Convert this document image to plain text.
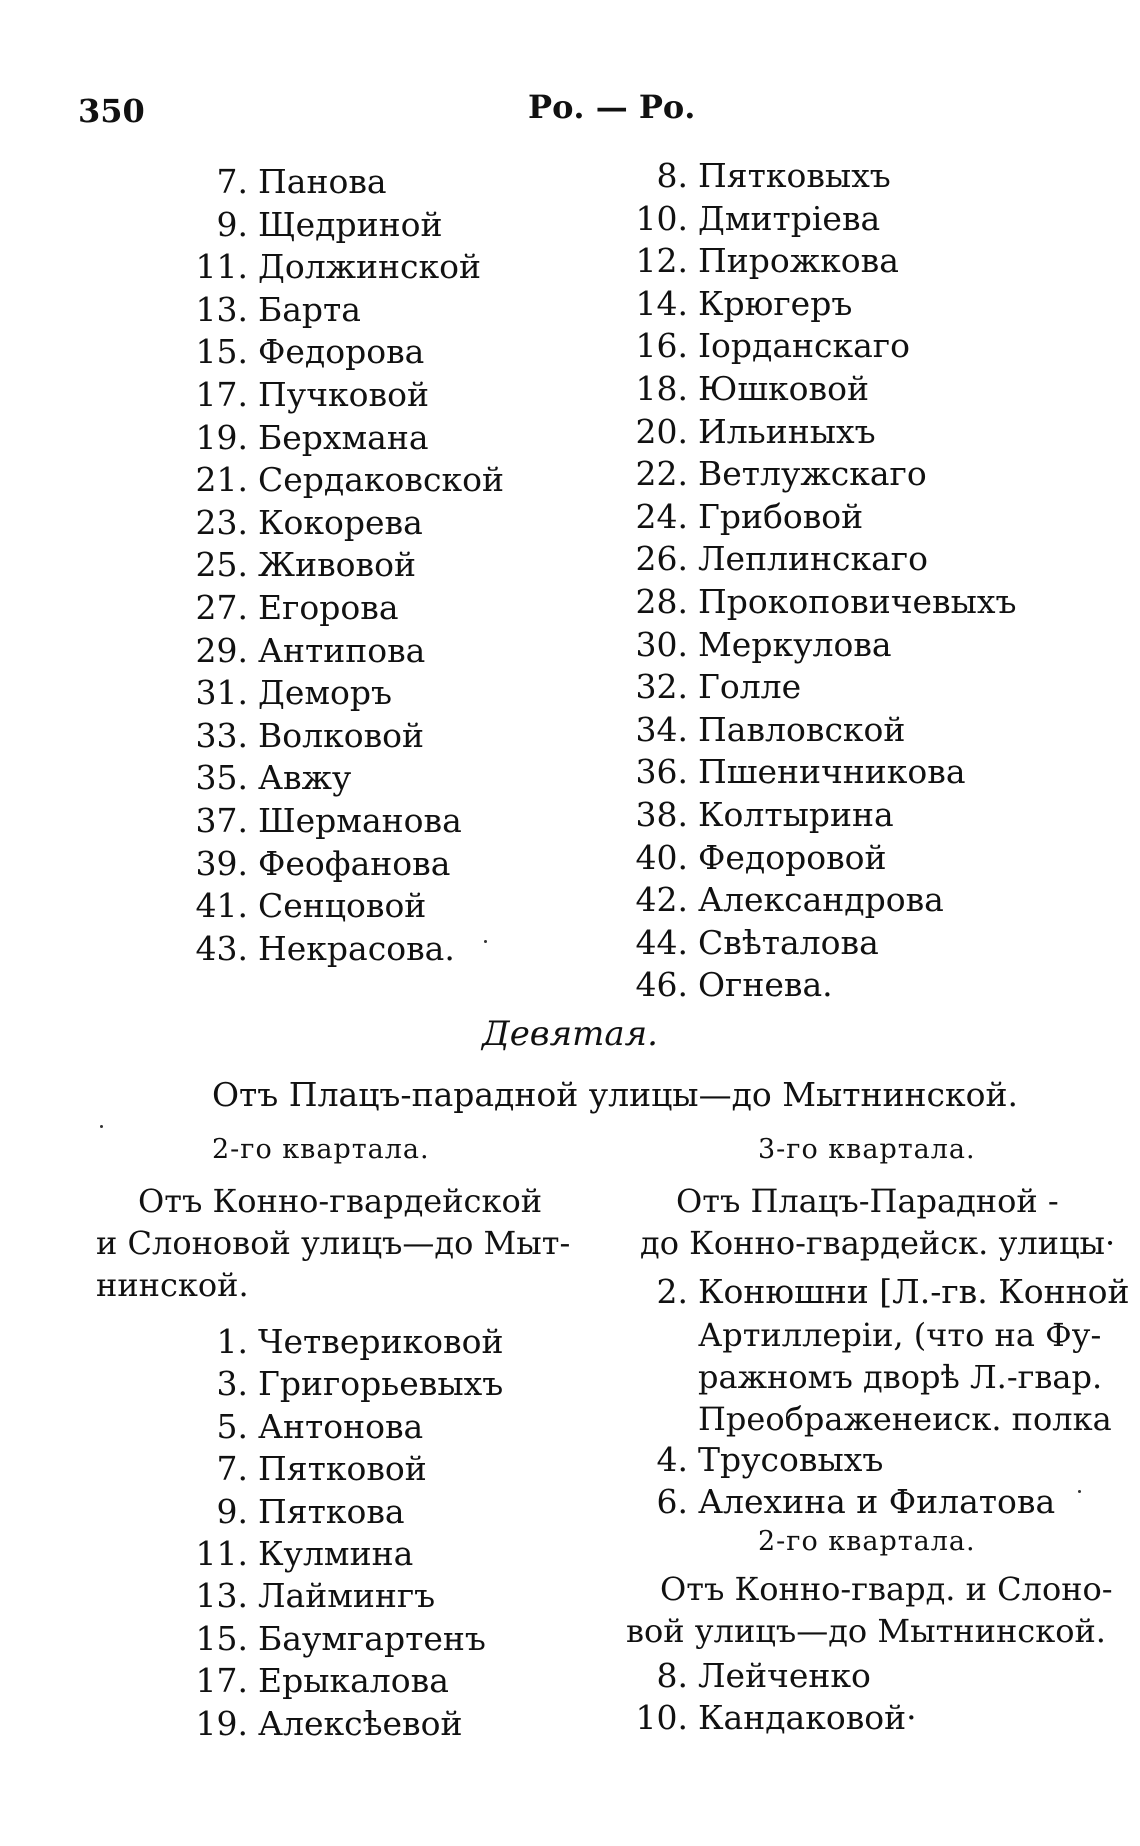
350	Ро. — Ро.
7. Панова
9. Щедриной
11. Должинской
13. Барта
15. Федорова
17. Пучковой
19. Берхмана
21. Сердаковской
23. Кокорева
25. Живовой
27. Егорова
29. Антипова
31. Деморъ
33. Волковой
35. Авжу
37. Шерманова
39. Феофанова
41. Сенцовой
43. Некрасова.
8. Пятковыхъ
10. Дмитріева
12. Пирожкова
14. Крюгеръ
16. Іорданскаго
18. Юшковой
20. Ильиныхъ
22. Ветлужскаго
24. Грибовой
26. Леплинскаго
28. Прокоповичевыхъ
30. Меркулова
32. Голле
34. Павловской
36. Пшеничникова
38. Колтырина
40. Федоровой
42. Александрова
44. Свѣталова
46. Огнева.
Девятая.
Отъ Плацъ-парадной улицы—до Мытнинской.
2-го квартала.
Отъ Конно-гвардейской
и Слоновой улицъ—до Мыт-
нинской.
1. Четвериковой
3. Григорьевыхъ
5. Антонова
7. Пятковой
9. Пяткова
11. Кулмина
13. Лаймингъ
15. Баумгартенъ
17. Ерыкалова
19. Алексѣевой
3-го квартала.
Отъ Плацъ-Парадной -
до Конно-гвардейск. улицы·
2. Конюшни [Л.-гв. Конной
Артиллеріи, (что на Фу-
ражномъ дворѣ Л.-гвар.
Преображенеиск. полка
4. Трусовыхъ
6. Алехина и Филатова
2-го квартала.
Отъ Конно-гвард. и Слоно-
вой улицъ—до Мытнинской.
8. Лейченко
10. Кандаковой·
